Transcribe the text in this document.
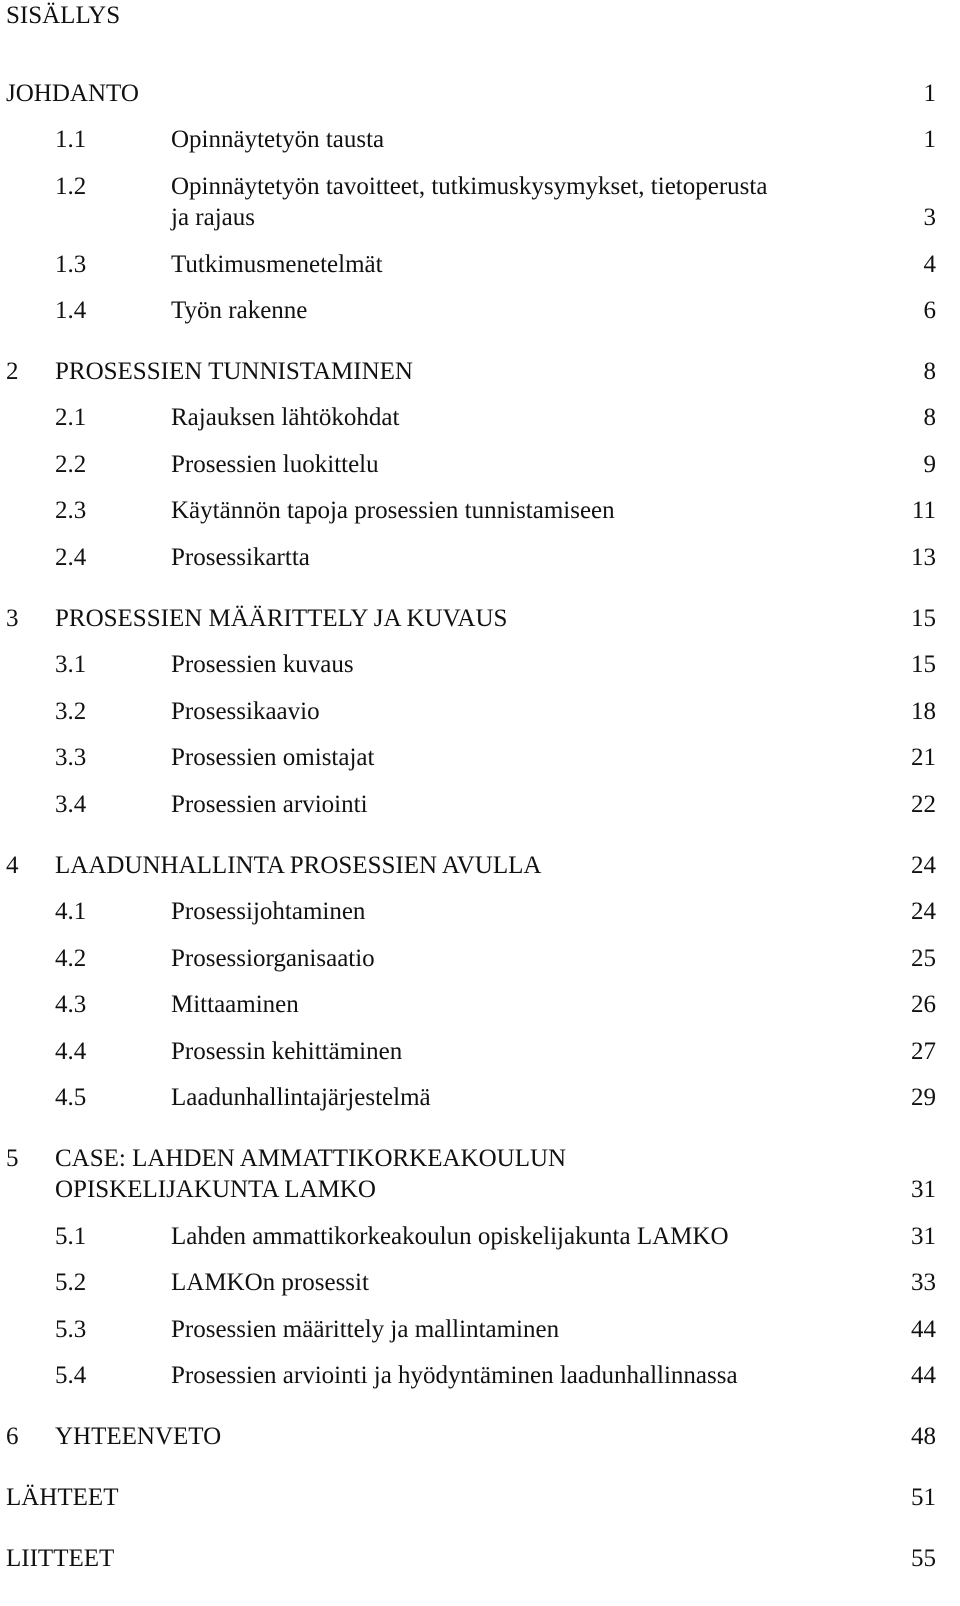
SISÄLLYS
JOHDANTO	1
1.1	Opinnäytetyön tausta	1
1.2	Opinnäytetyön tavoitteet, tutkimuskysymykset, tietoperusta
ja rajaus	3
1.3	Tutkimusmenetelmät	4
1.4	Työn rakenne	6
2 PROSESSIEN TUNNISTAMINEN	8
2.1	Rajauksen lähtökohdat	8
2.2	Prosessien luokittelu	9
2.3	Käytännön tapoja prosessien tunnistamiseen	11
2.4	Prosessikartta	13
3 PROSESSIEN MÄÄRITTELY JA KUVAUS	15
3.1	Prosessien kuvaus	15
3.2	Prosessikaavio	18
3.3	Prosessien omistajat	21
3.4	Prosessien arviointi	22
4 LAADUNHALLINTA PROSESSIEN AVULLA	24
4.1	Prosessijohtaminen	24
4.2	Prosessiorganisaatio	25
4.3	Mittaaminen	26
4.4	Prosessin kehittäminen	27
4.5	Laadunhallintajärjestelmä	29
5 CASE: LAHDEN AMMATTIKORKEAKOULUN
OPISKELIJAKUNTA LAMKO	31
5.1	Lahden ammattikorkeakoulun opiskelijakunta LAMKO	31
5.2	LAMKOn prosessit	33
5.3	Prosessien määrittely ja mallintaminen	44
5.4	Prosessien arviointi ja hyödyntäminen laadunhallinnassa	44
6 YHTEENVETO	48
LÄHTEET	51
LIITTEET	55
